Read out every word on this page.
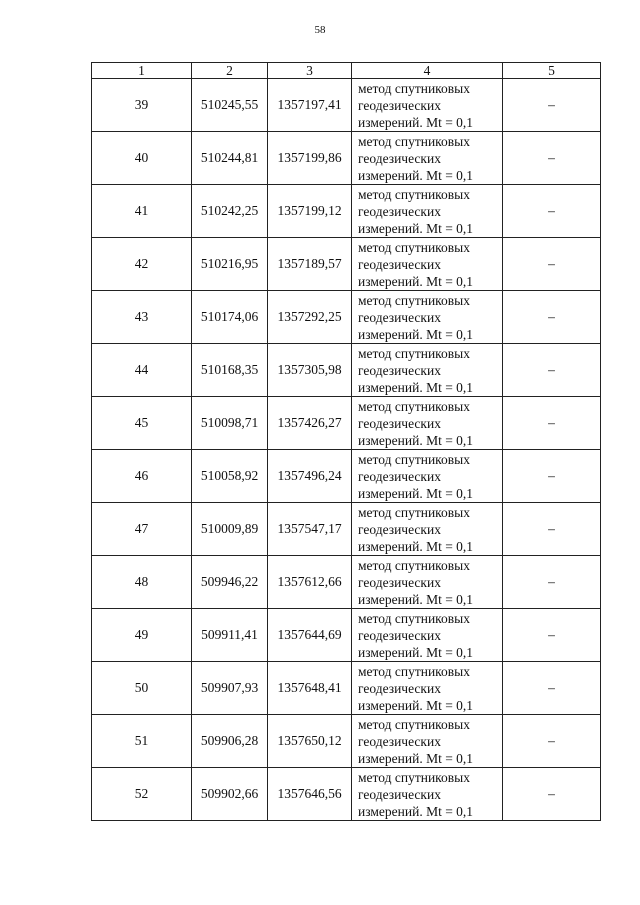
58
1	2	3	4	5
39	510245,55	1357197,41	метод спутниковых
геодезических
измерений. Mt = 0,1	–
40	510244,81	1357199,86	метод спутниковых
геодезических
измерений. Mt = 0,1	–
41	510242,25	1357199,12	метод спутниковых
геодезических
измерений. Mt = 0,1	–
42	510216,95	1357189,57	метод спутниковых
геодезических
измерений. Mt = 0,1	–
43	510174,06	1357292,25	метод спутниковых
геодезических
измерений. Mt = 0,1	–
44	510168,35	1357305,98	метод спутниковых
геодезических
измерений. Mt = 0,1	–
45	510098,71	1357426,27	метод спутниковых
геодезических
измерений. Mt = 0,1	–
46	510058,92	1357496,24	метод спутниковых
геодезических
измерений. Mt = 0,1	–
47	510009,89	1357547,17	метод спутниковых
геодезических
измерений. Mt = 0,1	–
48	509946,22	1357612,66	метод спутниковых
геодезических
измерений. Mt = 0,1	–
49	509911,41	1357644,69	метод спутниковых
геодезических
измерений. Mt = 0,1	–
50	509907,93	1357648,41	метод спутниковых
геодезических
измерений. Mt = 0,1	–
51	509906,28	1357650,12	метод спутниковых
геодезических
измерений. Mt = 0,1	–
52	509902,66	1357646,56	метод спутниковых
геодезических
измерений. Mt = 0,1	–
